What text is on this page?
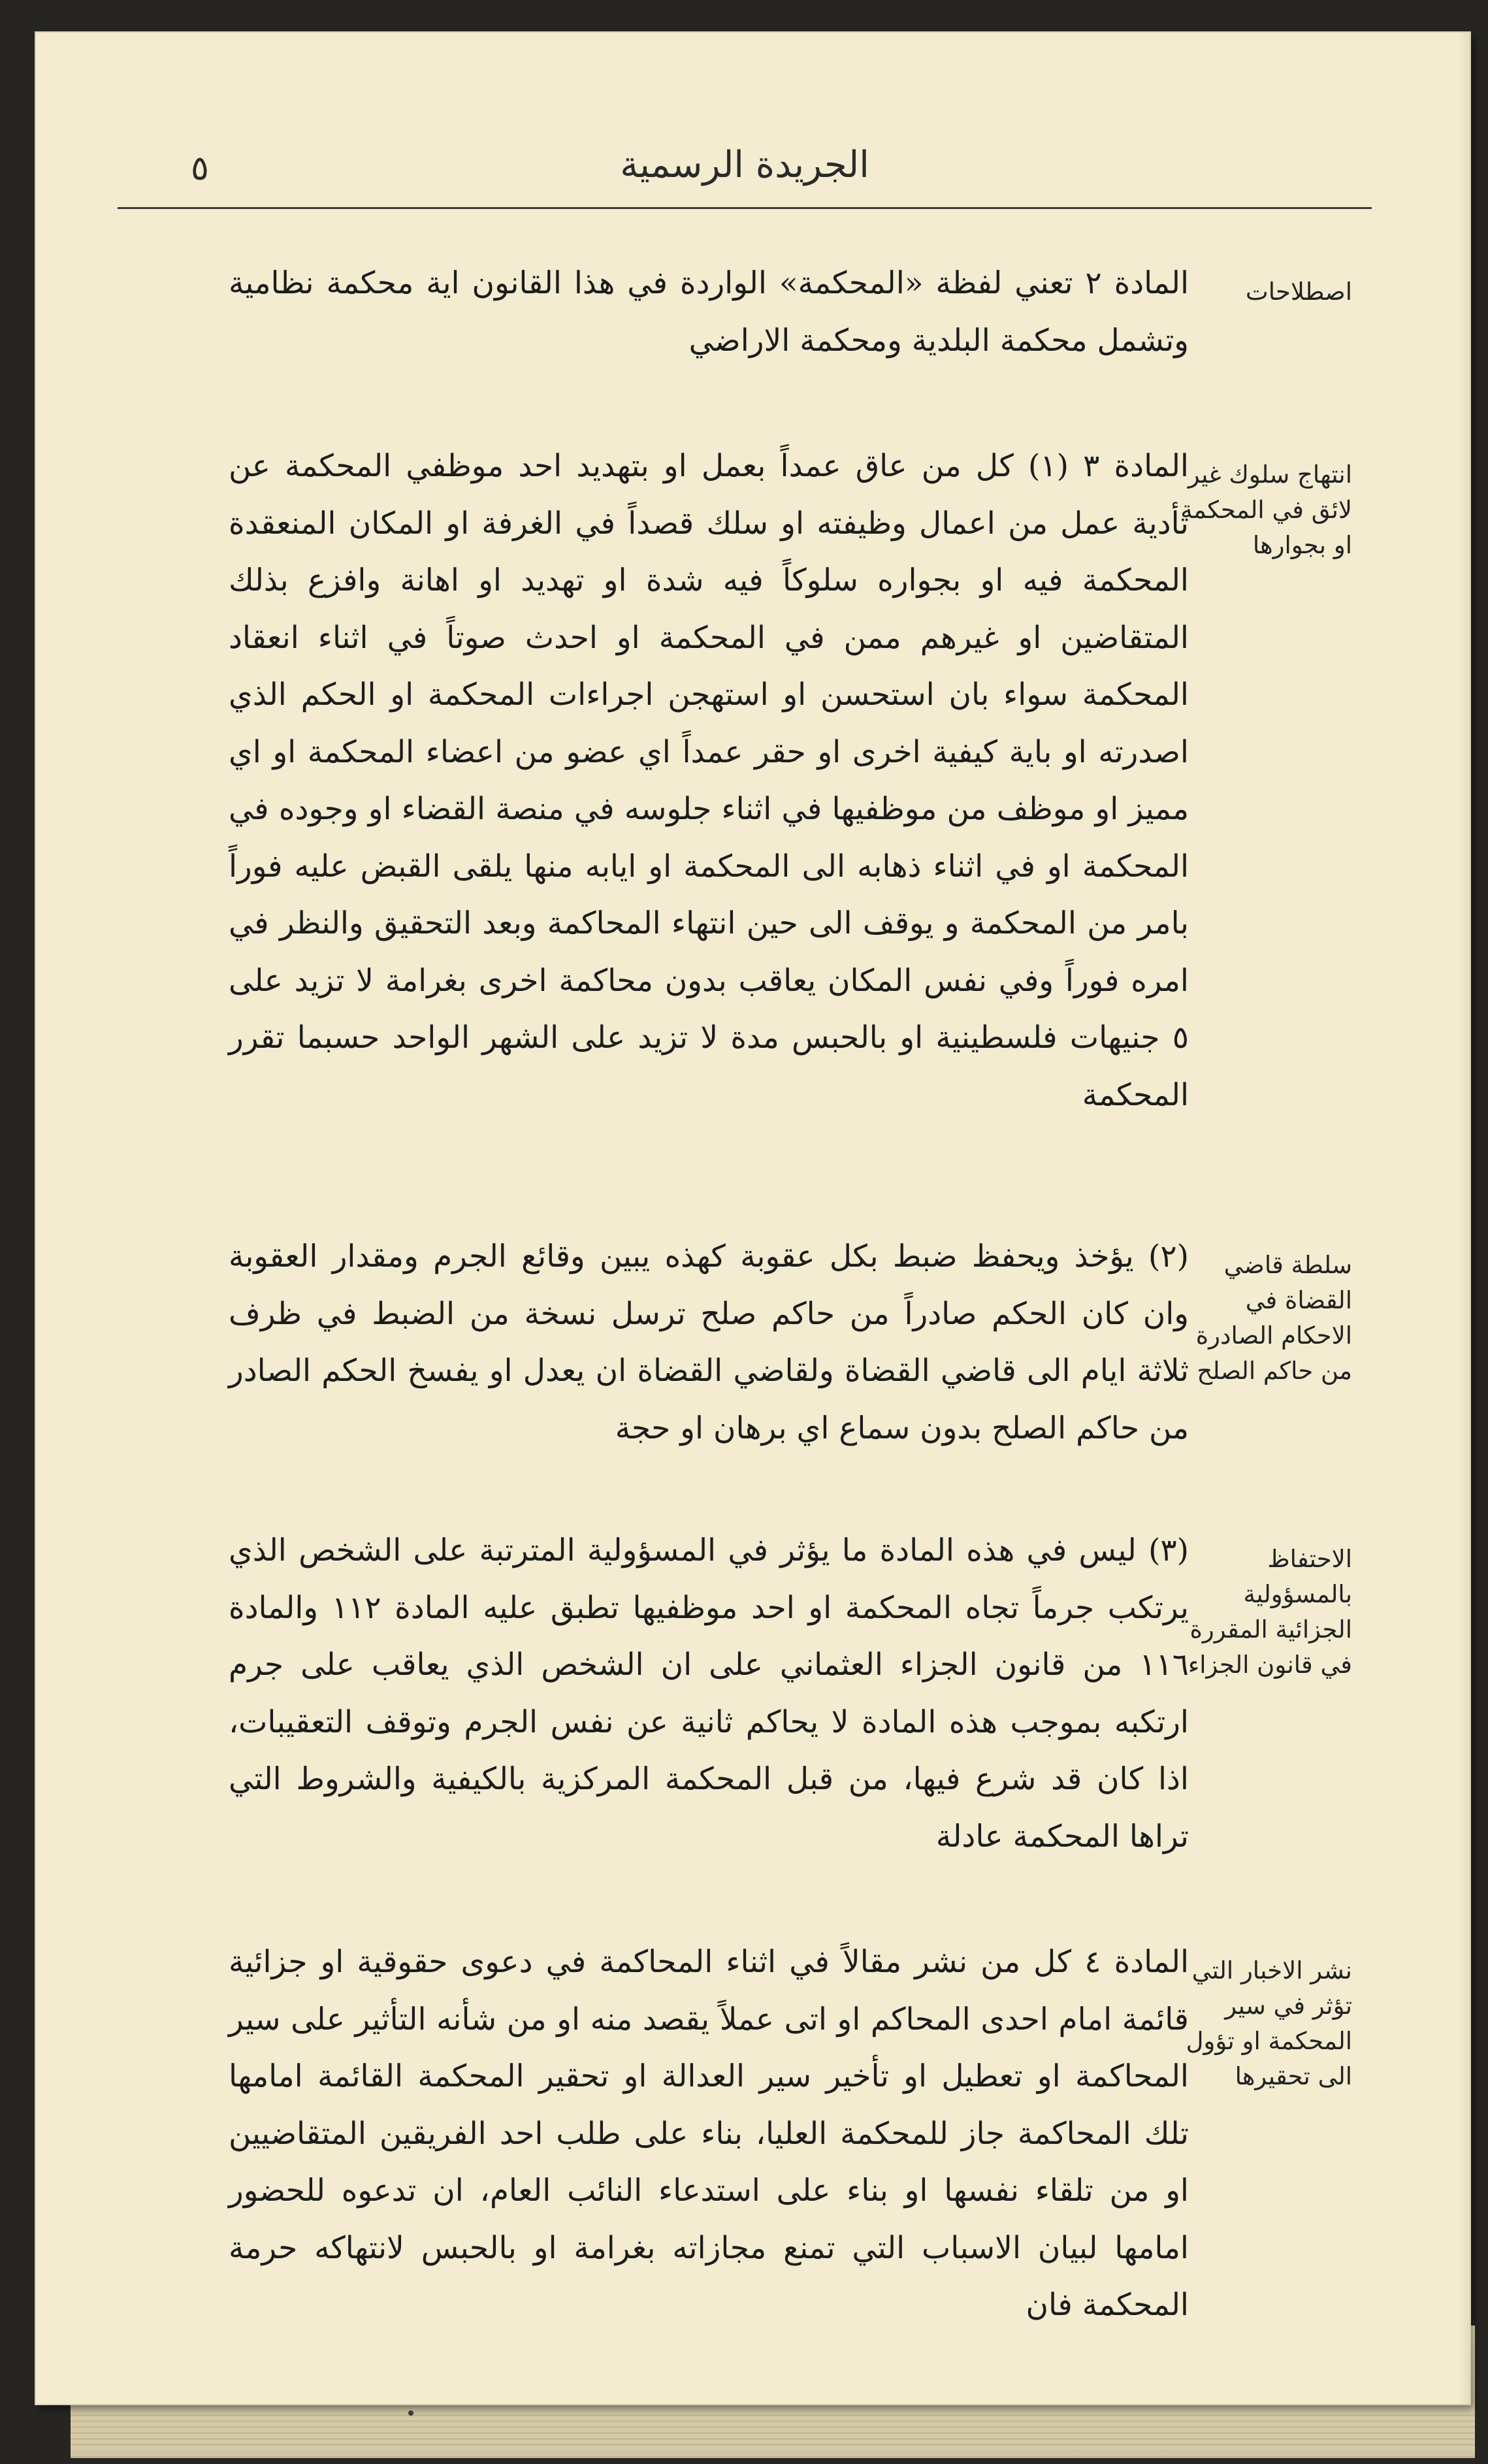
٥	الجريدة الرسمية
اصطلاحات
المادة ٢ تعني لفظة «المحكمة» الواردة في هذا القانون اية محكمة نظامية وتشمل محكمة البلدية ومحكمة الاراضي
انتهاج سلوك غير لائق في المحكمة او بجوارها
المادة ٣ (١) كل من عاق عمداً بعمل او بتهديد احد موظفي المحكمة عن تأدية عمل من اعمال وظيفته او سلك قصداً في الغرفة او المكان المنعقدة المحكمة فيه او بجواره سلوكاً فيه شدة او تهديد او اهانة وافزع بذلك المتقاضين او غيرهم ممن في المحكمة او احدث صوتاً في اثناء انعقاد المحكمة سواء بان استحسن او استهجن اجراءات المحكمة او الحكم الذي اصدرته او باية كيفية اخرى او حقر عمداً اي عضو من اعضاء المحكمة او اي مميز او موظف من موظفيها في اثناء جلوسه في منصة القضاء او وجوده في المحكمة او في اثناء ذهابه الى المحكمة او ايابه منها يلقى القبض عليه فوراً بامر من المحكمة و يوقف الى حين انتهاء المحاكمة وبعد التحقيق والنظر في امره فوراً وفي نفس المكان يعاقب بدون محاكمة اخرى بغرامة لا تزيد على ٥ جنيهات فلسطينية او بالحبس مدة لا تزيد على الشهر الواحد حسبما تقرر المحكمة
سلطة قاضي القضاة في الاحكام الصادرة من حاكم الصلح
(٢) يؤخذ ويحفظ ضبط بكل عقوبة كهذه يبين وقائع الجرم ومقدار العقوبة وان كان الحكم صادراً من حاكم صلح ترسل نسخة من الضبط في ظرف ثلاثة ايام الى قاضي القضاة ولقاضي القضاة ان يعدل او يفسخ الحكم الصادر من حاكم الصلح بدون سماع اي برهان او حجة
الاحتفاظ بالمسؤولية الجزائية المقررة في قانون الجزاء
(٣) ليس في هذه المادة ما يؤثر في المسؤولية المترتبة على الشخص الذي يرتكب جرماً تجاه المحكمة او احد موظفيها تطبق عليه المادة ١١٢ والمادة ١١٦ من قانون الجزاء العثماني على ان الشخص الذي يعاقب على جرم ارتكبه بموجب هذه المادة لا يحاكم ثانية عن نفس الجرم وتوقف التعقيبات، اذا كان قد شرع فيها، من قبل المحكمة المركزية بالكيفية والشروط التي تراها المحكمة عادلة
نشر الاخبار التي تؤثر في سير المحكمة او تؤول الى تحقيرها
المادة ٤ كل من نشر مقالاً في اثناء المحاكمة في دعوى حقوقية او جزائية قائمة امام احدى المحاكم او اتى عملاً يقصد منه او من شأنه التأثير على سير المحاكمة او تعطيل او تأخير سير العدالة او تحقير المحكمة القائمة امامها تلك المحاكمة جاز للمحكمة العليا، بناء على طلب احد الفريقين المتقاضيين او من تلقاء نفسها او بناء على استدعاء النائب العام، ان تدعوه للحضور امامها لبيان الاسباب التي تمنع مجازاته بغرامة او بالحبس لانتهاكه حرمة المحكمة فان
